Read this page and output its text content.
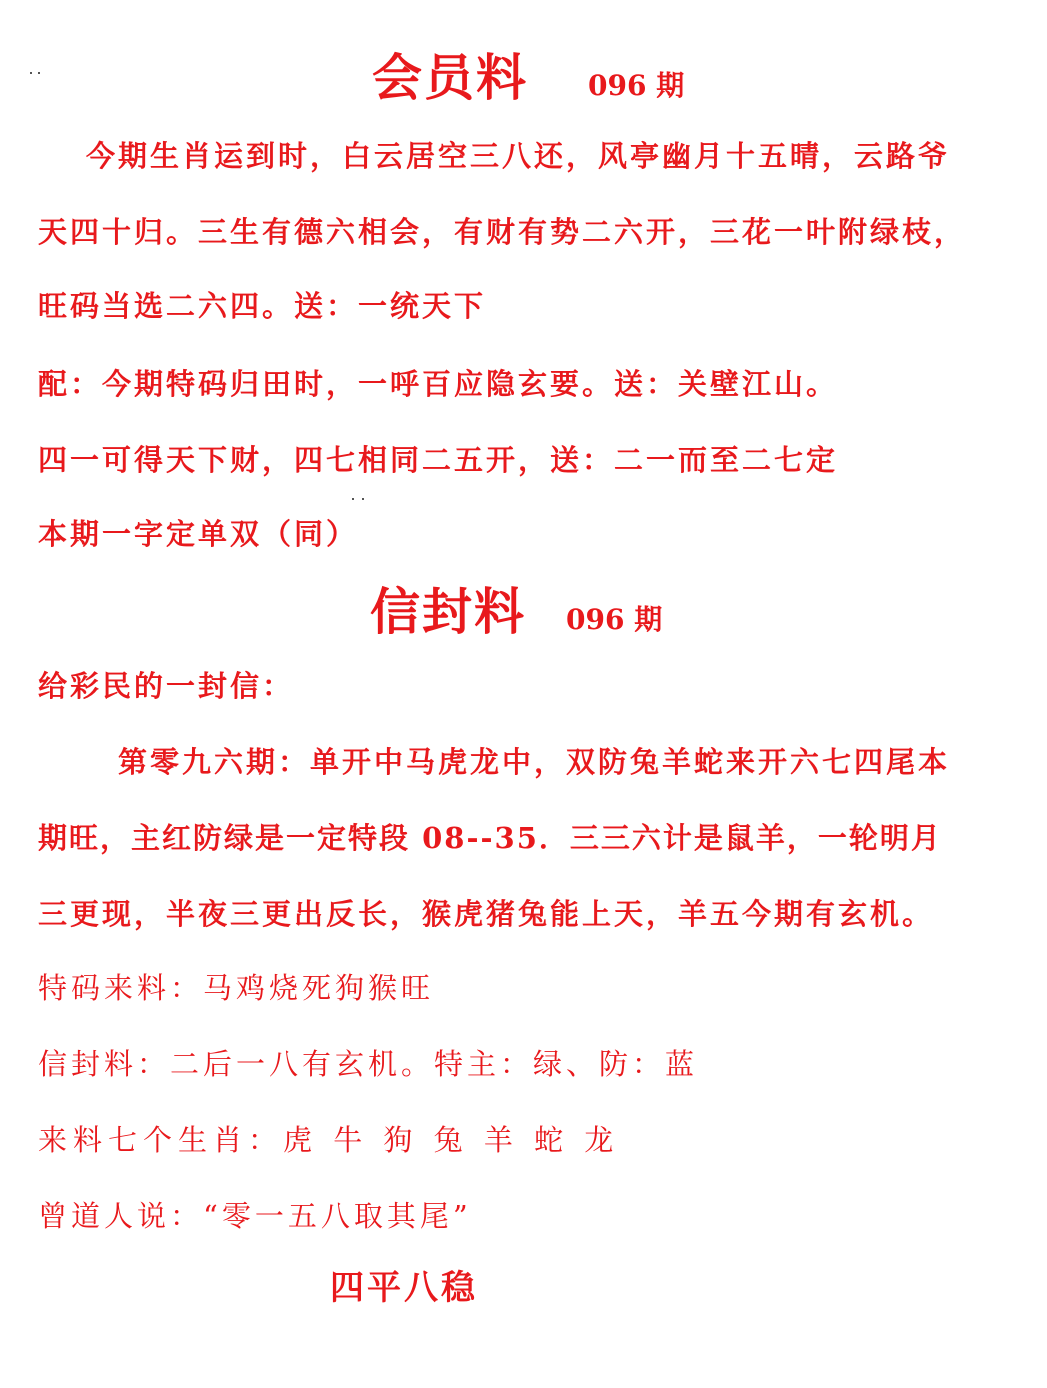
会员料 096 期
今期生肖运到时，白云居空三八还，风亭幽月十五晴，云路爷
天四十归。三生有德六相会，有财有势二六开，三花一叶附绿枝，
旺码当选二六四。送：一统天下
配：今期特码归田时，一呼百应隐玄要。送：关壁江山。
四一可得天下财，四七相同二五开，送：二一而至二七定
本期一字定单双（同）
信封料 096 期
给彩民的一封信：
第零九六期：单开中马虎龙中，双防兔羊蛇来开六七四尾本
期旺，主红防绿是一定特段 08--35．三三六计是鼠羊，一轮明月
三更现，半夜三更出反长，猴虎猪兔能上天，羊五今期有玄机。
特码来料：马鸡烧死狗猴旺
信封料：二后一八有玄机。特主：绿、防：蓝
来料七个生肖：虎 牛 狗 兔 羊 蛇 龙
曾道人说：“零一五八取其尾”
四平八稳
